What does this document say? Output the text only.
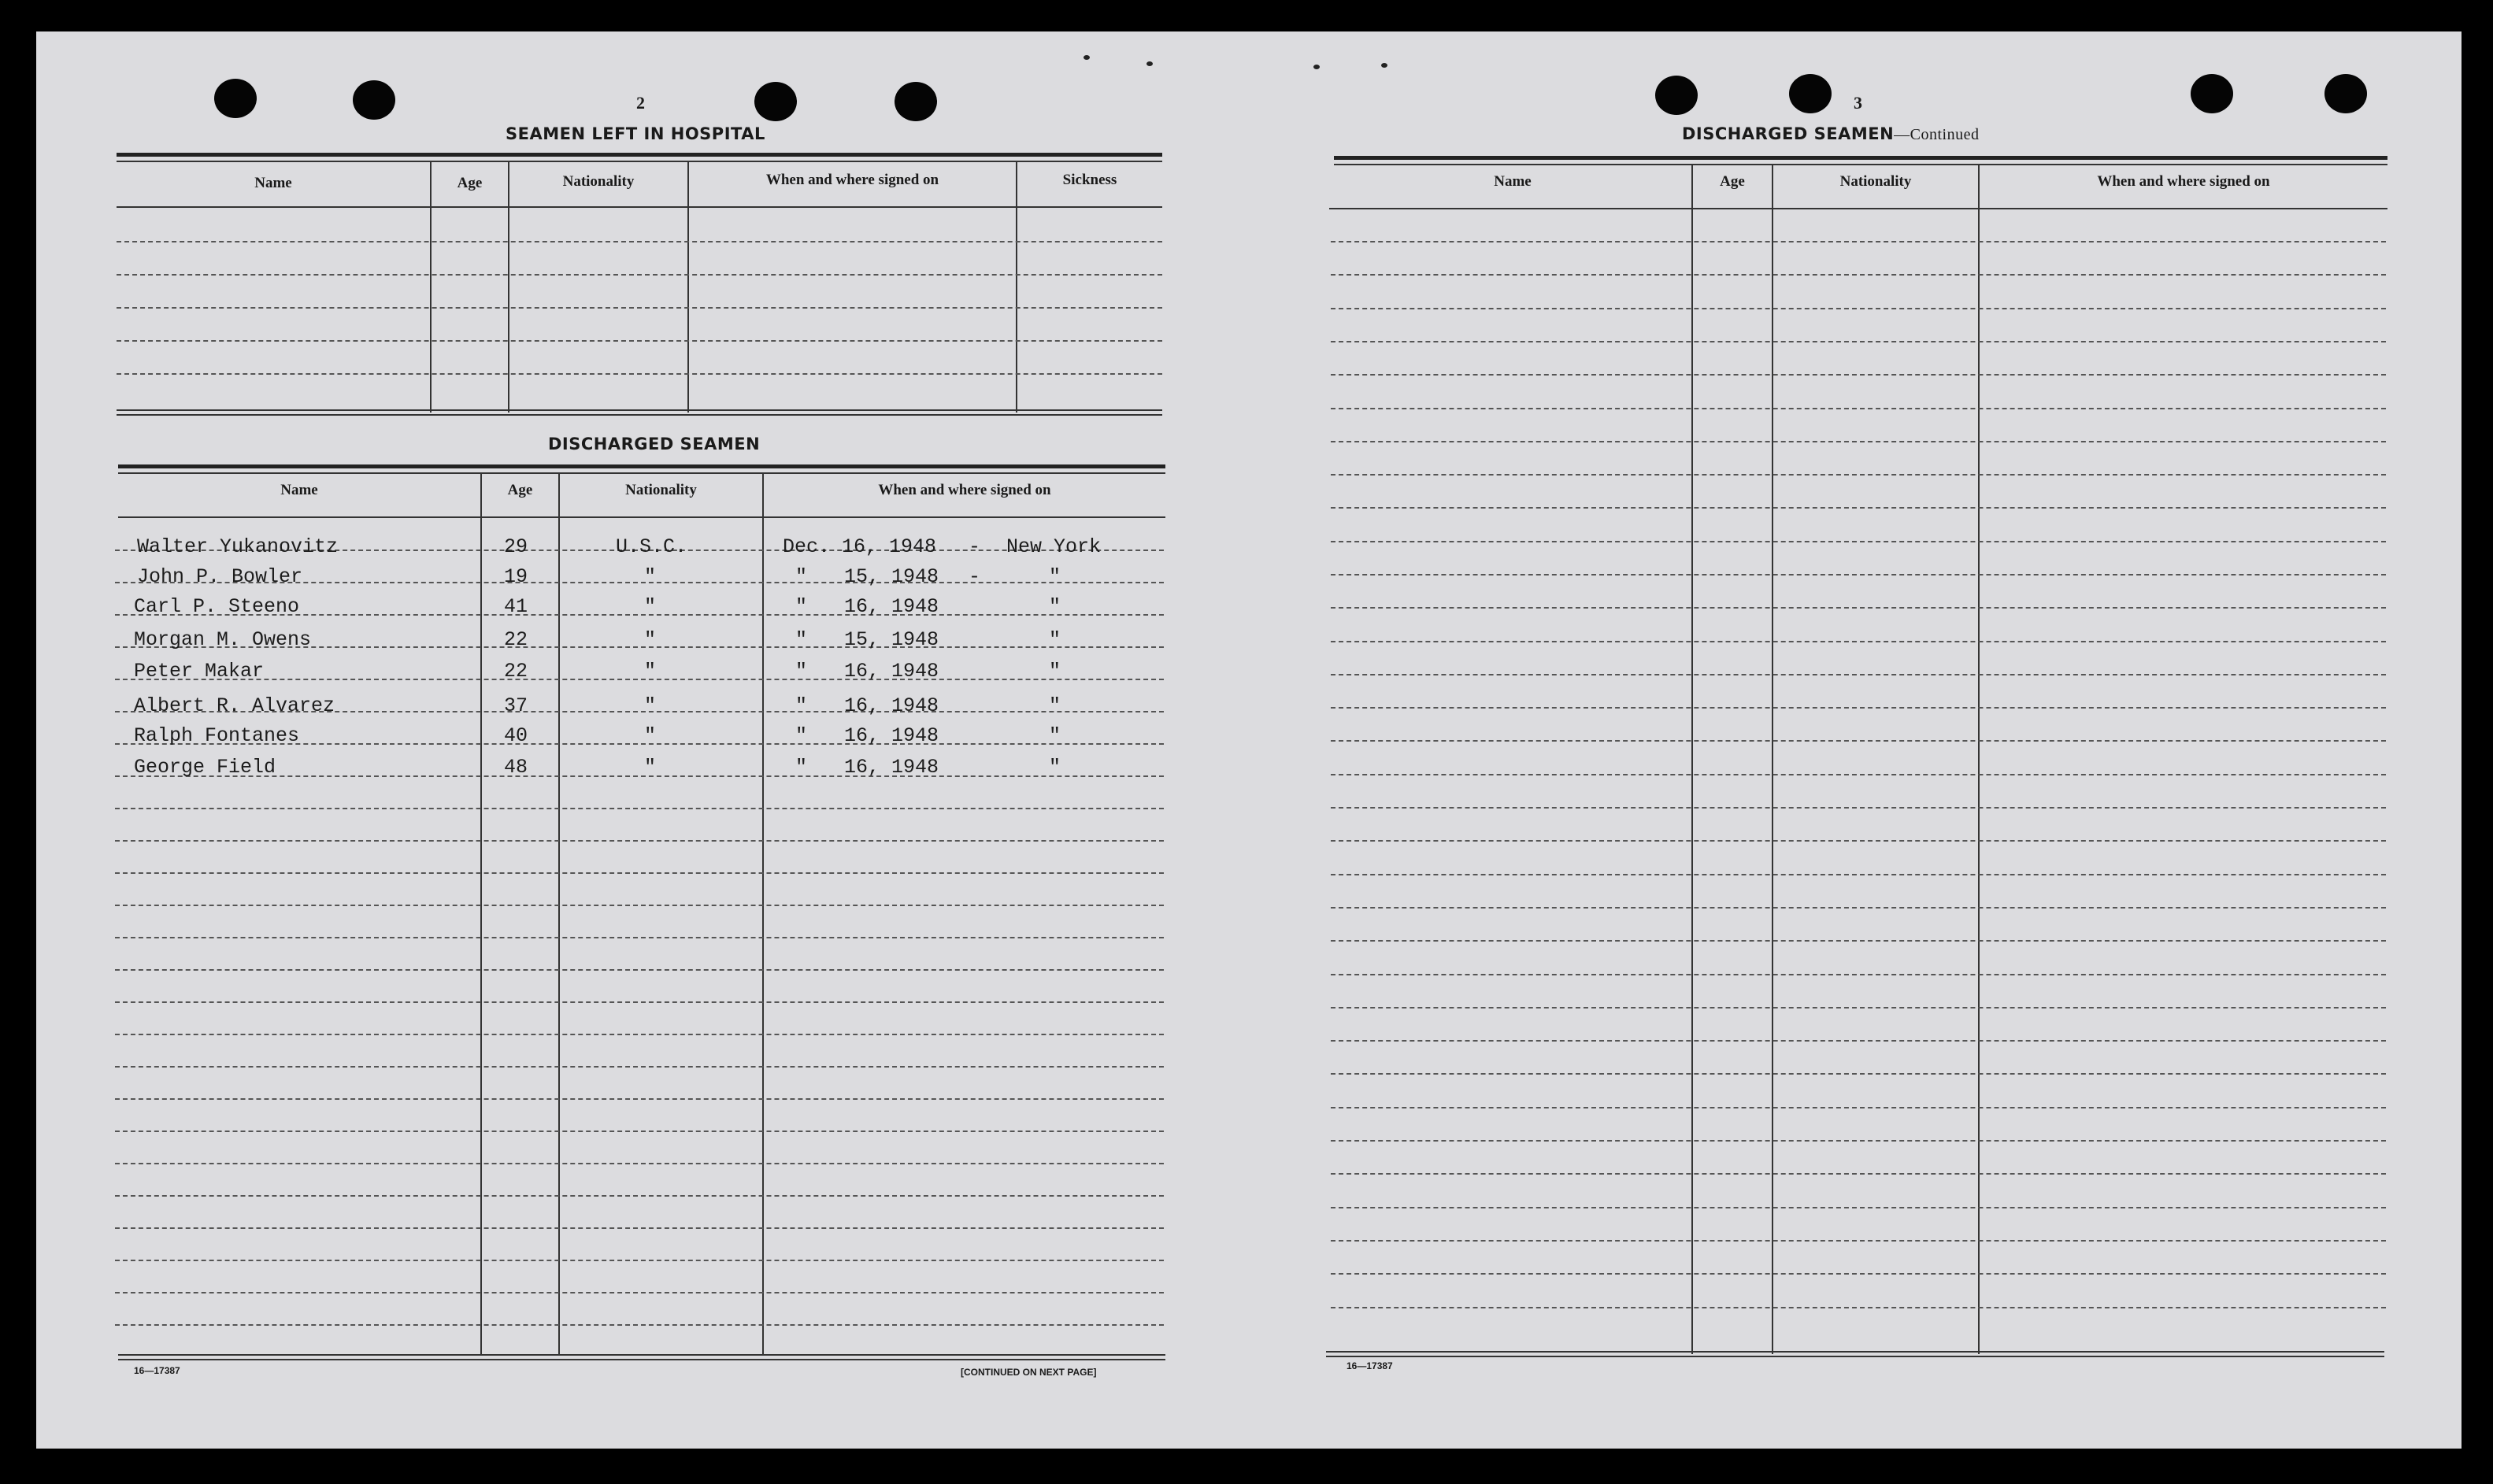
2
SEAMEN LEFT IN HOSPITAL
Name	Age	Nationality	When and where signed on	Sickness
DISCHARGED SEAMEN
Name	Age	Nationality	When and where signed on
Walter Yukanovitz	29	U.S.C.	Dec. 16, 1948 - New York
John P. Bowler	19	"	" 15, 1948 -	"
Carl P. Steeno	41	"	" 16, 1948	"
Morgan M. Owens	22	"	" 15, 1948	"
Peter Makar	22	"	" 16, 1948	"
Albert R. Alvarez	37	"	" 16, 1948	"
Ralph Fontanes	40	"	" 16, 1948	"
George Field	48	"	" 16, 1948	"
16—17387	[CONTINUED ON NEXT PAGE]
3
DISCHARGED SEAMEN—Continued
Name	Age	Nationality	When and where signed on
16—17387
